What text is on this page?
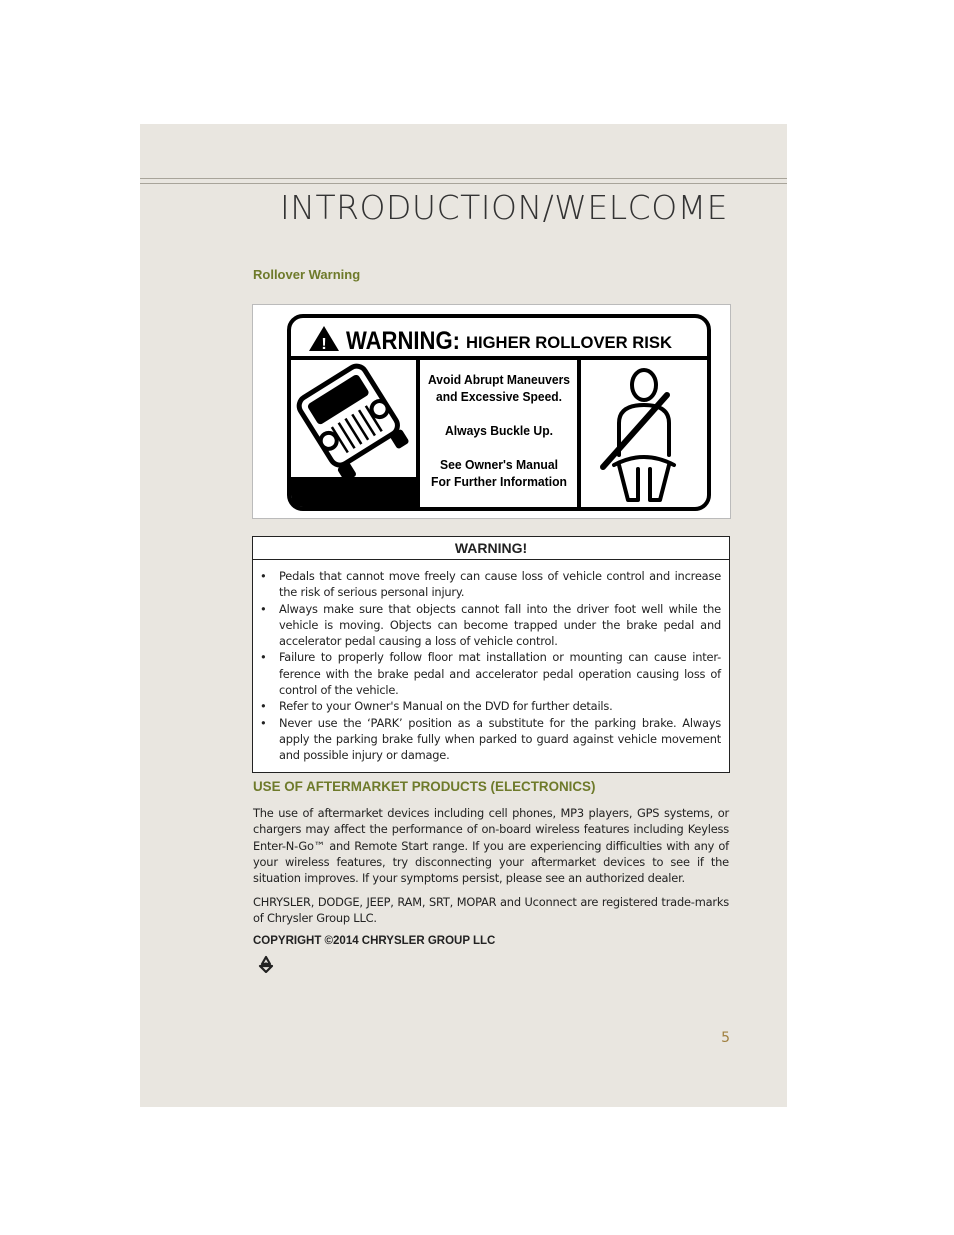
INTRODUCTION/WELCOME
Rollover Warning
! WARNING: HIGHER ROLLOVER RISK
Avoid Abrupt Maneuvers
and Excessive Speed.
Always Buckle Up.
See Owner's Manual
For Further Information
WARNING!
• Pedals that cannot move freely can cause loss of vehicle control and increase the risk of serious personal injury.
• Always make sure that objects cannot fall into the driver foot well while the vehicle is moving. Objects can become trapped under the brake pedal and accelerator pedal causing a loss of vehicle control.
• Failure to properly follow floor mat installation or mounting can cause inter-ference with the brake pedal and accelerator pedal operation causing loss of control of the vehicle.
• Refer to your Owner's Manual on the DVD for further details.
• Never use the ‘PARK’ position as a substitute for the parking brake. Always apply the parking brake fully when parked to guard against vehicle movement and possible injury or damage.
USE OF AFTERMARKET PRODUCTS (ELECTRONICS)

The use of aftermarket devices including cell phones, MP3 players, GPS systems, or chargers may affect the performance of on-board wireless features including Keyless Enter-N-Go™ and Remote Start range. If you are experiencing difficulties with any of your wireless features, try disconnecting your aftermarket devices to see if the situation improves. If your symptoms persist, please see an authorized dealer.

CHRYSLER, DODGE, JEEP, RAM, SRT, MOPAR and Uconnect are registered trade-marks of Chrysler Group LLC.

COPYRIGHT ©2014 CHRYSLER GROUP LLC
5
